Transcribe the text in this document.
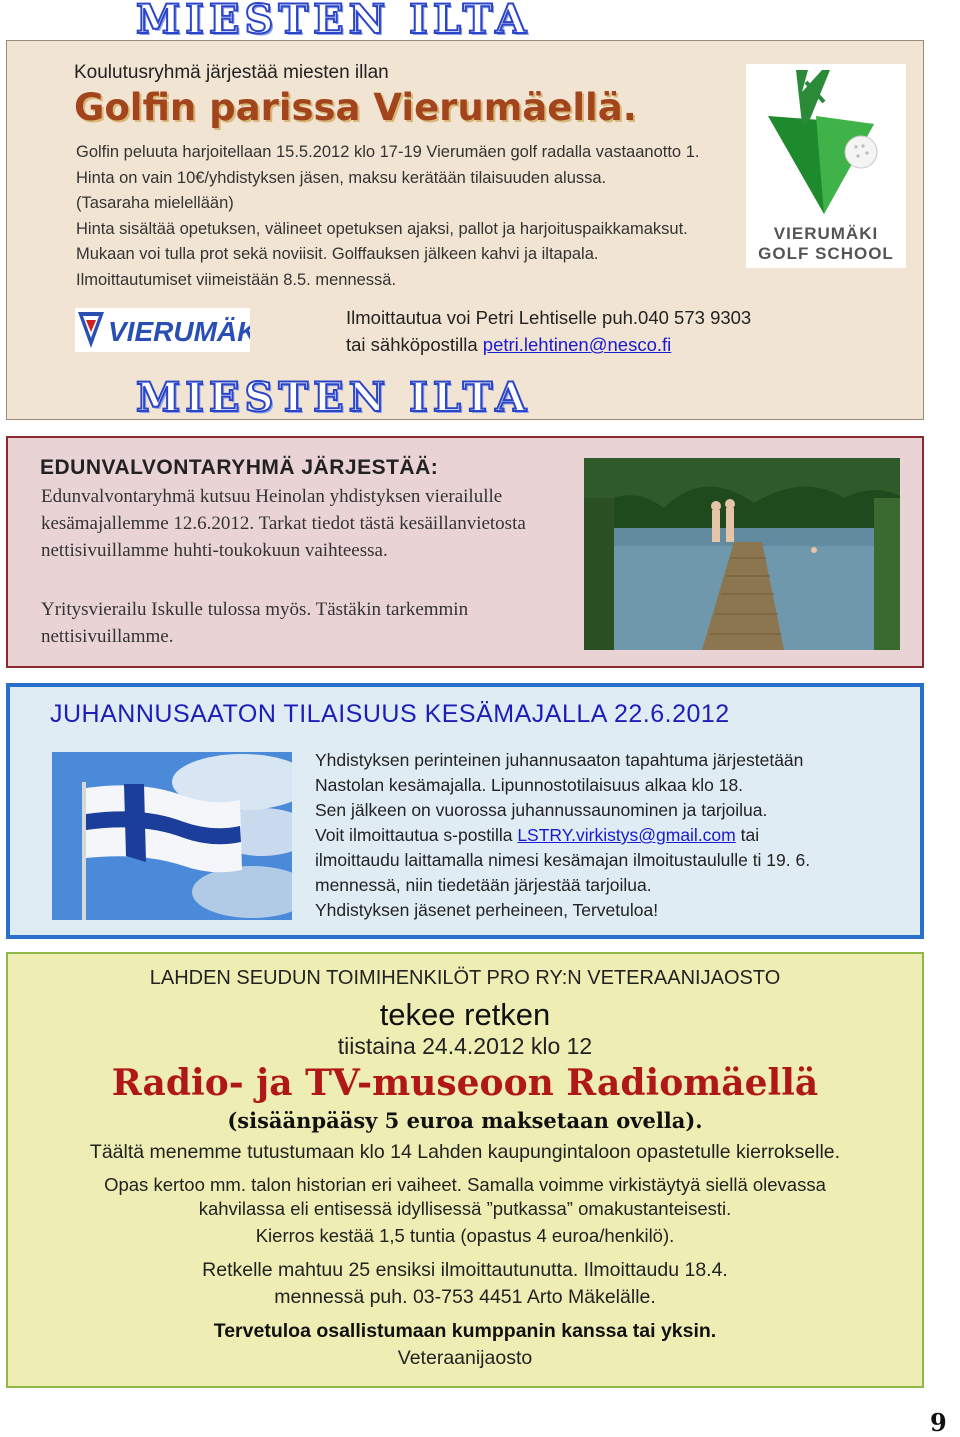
MIESTEN ILTA
Koulutusryhmä järjestää miesten illan
Golfin parissa Vierumäellä.
Golfin peluuta harjoitellaan 15.5.2012 klo 17-19 Vierumäen golf radalla vastaanotto 1.
Hinta on vain 10€/yhdistyksen jäsen, maksu kerätään tilaisuuden alussa.
(Tasaraha mielellään)
Hinta sisältää opetuksen, välineet opetuksen ajaksi, pallot ja harjoituspaikkamaksut.
Mukaan voi tulla prot sekä noviisit. Golffauksen jälkeen kahvi ja iltapala.
Ilmoittautumiset viimeistään 8.5. mennessä.
Ilmoittautua voi Petri Lehtiselle puh.040 573 9303
tai sähköpostilla petri.lehtinen@nesco.fi
VIERUMÄKI
VIERUMÄKI
GOLF SCHOOL
MIESTEN ILTA
EDUNVALVONTARYHMÄ JÄRJESTÄÄ:
Edunvalvontaryhmä kutsuu Heinolan yhdistyksen vierailulle kesämajallemme 12.6.2012. Tarkat tiedot tästä kesäillanvietosta nettisivuillamme huhti-toukokuun vaihteessa.
Yritysvierailu Iskulle tulossa myös. Tästäkin tarkemmin nettisivuillamme.
JUHANNUSAATON TILAISUUS KESÄMAJALLA 22.6.2012
Yhdistyksen perinteinen juhannusaaton tapahtuma järjestetään
Nastolan kesämajalla. Lipunnostotilaisuus alkaa klo 18.
Sen jälkeen on vuorossa juhannussaunominen ja tarjoilua.
Voit ilmoittautua s-postilla LSTRY.virkistys@gmail.com tai
ilmoittaudu laittamalla nimesi kesämajan ilmoitustaululle ti 19. 6.
mennessä, niin tiedetään järjestää tarjoilua.
Yhdistyksen jäsenet perheineen, Tervetuloa!
LAHDEN SEUDUN TOIMIHENKILÖT PRO RY:N VETERAANIJAOSTO
tekee retken
tiistaina 24.4.2012 klo 12
Radio- ja TV-museoon Radiomäellä
(sisäänpääsy 5 euroa maksetaan ovella).
Täältä menemme tutustumaan klo 14 Lahden kaupungintaloon opastetulle kierrokselle.
Opas kertoo mm. talon historian eri vaiheet. Samalla voimme virkistäytyä siellä olevassa
kahvilassa eli entisessä idyllisessä ”putkassa” omakustanteisesti.
Kierros kestää 1,5 tuntia (opastus 4 euroa/henkilö).
Retkelle mahtuu 25 ensiksi ilmoittautunutta. Ilmoittaudu 18.4.
mennessä puh. 03-753 4451 Arto Mäkelälle.
Tervetuloa osallistumaan kumppanin kanssa tai yksin.
Veteraanijaosto
9
